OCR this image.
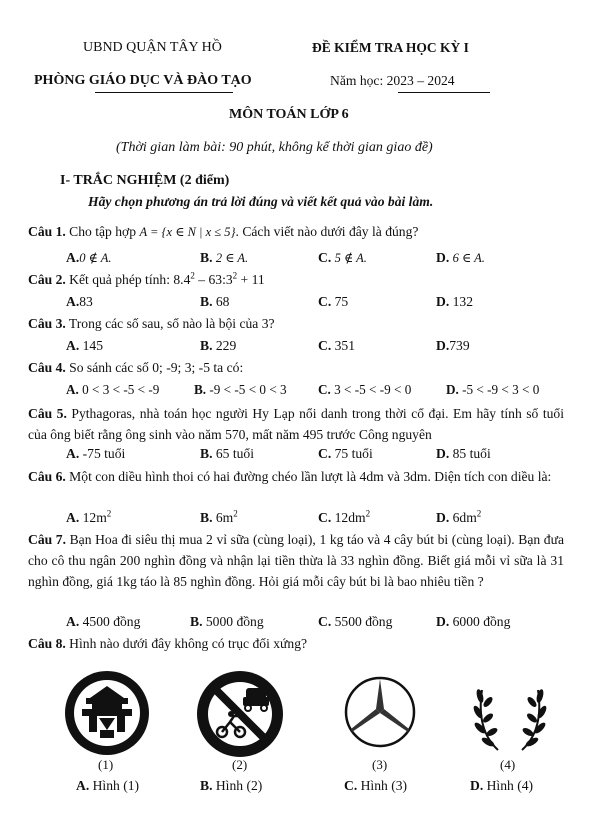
UBND QUẬN TÂY HỒ	ĐỀ KIỂM TRA HỌC KỲ I
PHÒNG GIÁO DỤC VÀ ĐÀO TẠO	Năm học: 2023 – 2024
MÔN TOÁN LỚP 6
(Thời gian làm bài: 90 phút, không kể thời gian giao đề)
I- TRẮC NGHIỆM (2 điểm)
Hãy chọn phương án trả lời đúng và viết kết quả vào bài làm.
Câu 1. Cho tập hợp A = {x ∈ N | x ≤ 5}. Cách viết nào dưới đây là đúng?
A.0 ∉ A.	B. 2 ∈ A.	C. 5 ∉ A.	D. 6 ∈ A.
Câu 2. Kết quả phép tính: $8.4^2$ – $63:3^2 + 11$
A.83	B. 68	C. 75	D. 132
Câu 3. Trong các số sau, số nào là bội của 3?
A. 145	B. 229	C. 351	D.739
Câu 4. So sánh các số 0; -9; 3; -5 ta có:
A. 0 < 3 < -5 < -9	B. -9 < -5 < 0 < 3 C. 3 < -5 < -9 < 0	D. -5 < -9 < 3 < 0
Câu 5. Pythagoras, nhà toán học người Hy Lạp nổi danh trong thời cổ đại. Em hãy tính số tuổi của ông biết rằng ông sinh vào năm 570, mất năm 495 trước Công nguyên
A. -75 tuổi	B. 65 tuổi	C. 75 tuổi	D. 85 tuổi
Câu 6. Một con diều hình thoi có hai đường chéo lần lượt là 4dm và 3dm. Diện tích con diều là:
A. $12m^2$	B. $6m^2$	C. $12dm^2$	D. $6dm^2$
Câu 7. Bạn Hoa đi siêu thị mua 2 vỉ sữa (cùng loại), 1 kg táo và 4 cây bút bi (cùng loại). Bạn đưa cho cô thu ngân 200 nghìn đồng và nhận lại tiền thừa là 33 nghìn đồng. Biết giá mỗi vỉ sữa là 31 nghìn đồng, giá 1kg táo là 85 nghìn đồng. Hỏi giá mỗi cây bút bi là bao nhiêu tiền ?
A. 4500 đồng	B. 5000 đồng	C. 5500 đồng	D. 6000 đồng
Câu 8. Hình nào dưới đây không có trục đối xứng?
(1)	(2)	(3)	(4)
A. Hình (1)	B. Hình (2)	C. Hình (3)	D. Hình (4)
